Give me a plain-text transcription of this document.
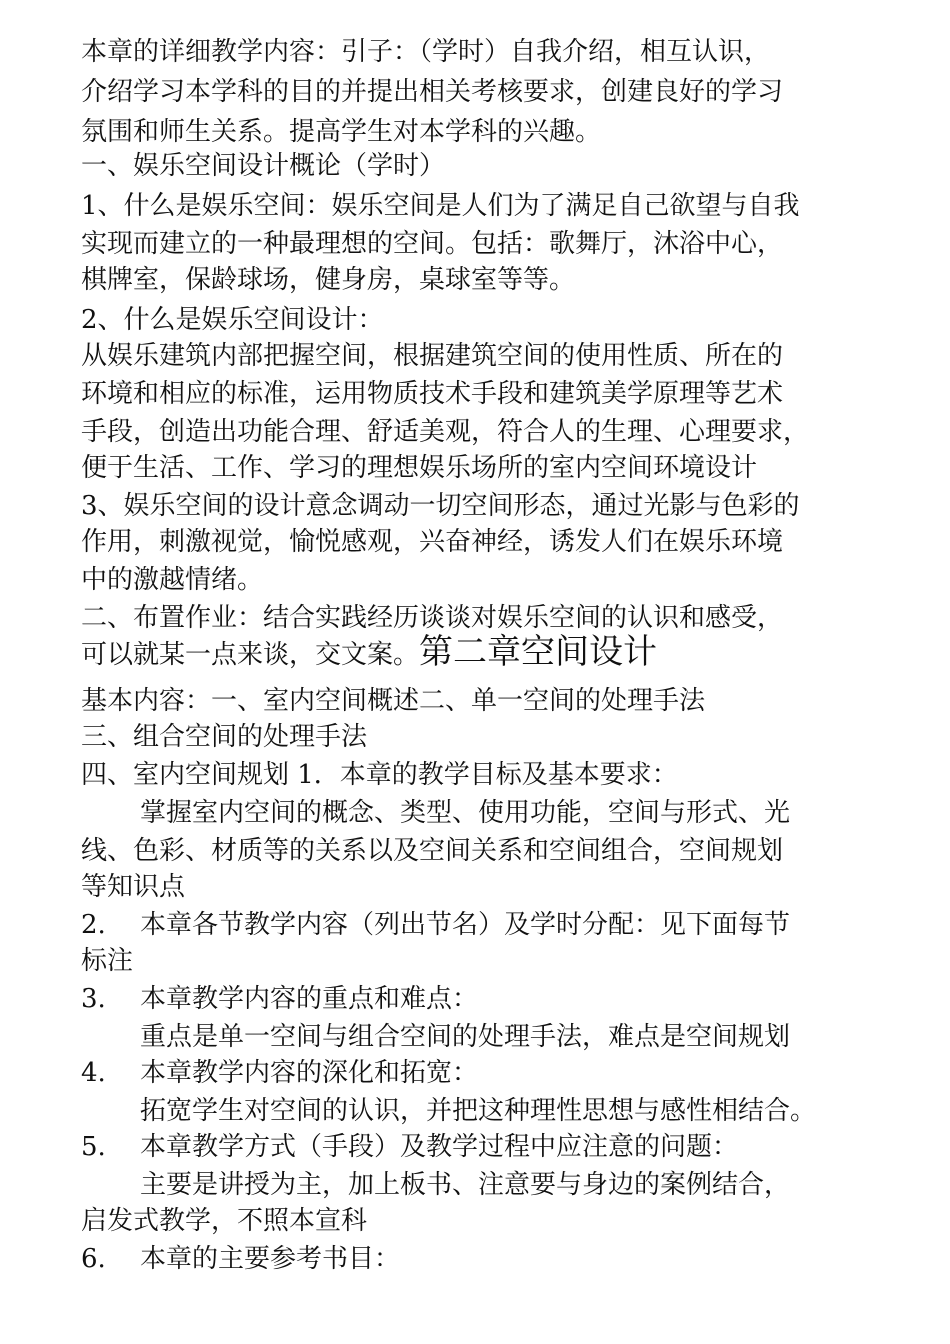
本章的详细教学内容：引子：（学时）自我介绍，相互认识，
介绍学习本学科的目的并提出相关考核要求，创建良好的学习
氛围和师生关系。提高学生对本学科的兴趣。
一、娱乐空间设计概论（学时）
1、什么是娱乐空间：娱乐空间是人们为了满足自己欲望与自我
实现而建立的一种最理想的空间。包括：歌舞厅，沐浴中心，
棋牌室，保龄球场，健身房，桌球室等等。
2、什么是娱乐空间设计：
从娱乐建筑内部把握空间，根据建筑空间的使用性质、所在的
环境和相应的标准，运用物质技术手段和建筑美学原理等艺术
手段，创造出功能合理、舒适美观，符合人的生理、心理要求，
便于生活、工作、学习的理想娱乐场所的室内空间环境设计
3、娱乐空间的设计意念调动一切空间形态，通过光影与色彩的
作用，刺激视觉，愉悦感观，兴奋神经，诱发人们在娱乐环境
中的激越情绪。
二、布置作业：结合实践经历谈谈对娱乐空间的认识和感受，
可以就某一点来谈，交文案。第二章空间设计
基本内容：一、室内空间概述二、单一空间的处理手法
三、组合空间的处理手法
四、室内空间规划 1．本章的教学目标及基本要求：
掌握室内空间的概念、类型、使用功能，空间与形式、光
线、色彩、材质等的关系以及空间关系和空间组合，空间规划
等知识点
2. 本章各节教学内容（列出节名）及学时分配：见下面每节
标注
3. 本章教学内容的重点和难点：
重点是单一空间与组合空间的处理手法，难点是空间规划
4. 本章教学内容的深化和拓宽：
拓宽学生对空间的认识，并把这种理性思想与感性相结合。
5. 本章教学方式（手段）及教学过程中应注意的问题：
主要是讲授为主，加上板书、注意要与身边的案例结合，
启发式教学，不照本宣科
6. 本章的主要参考书目：
